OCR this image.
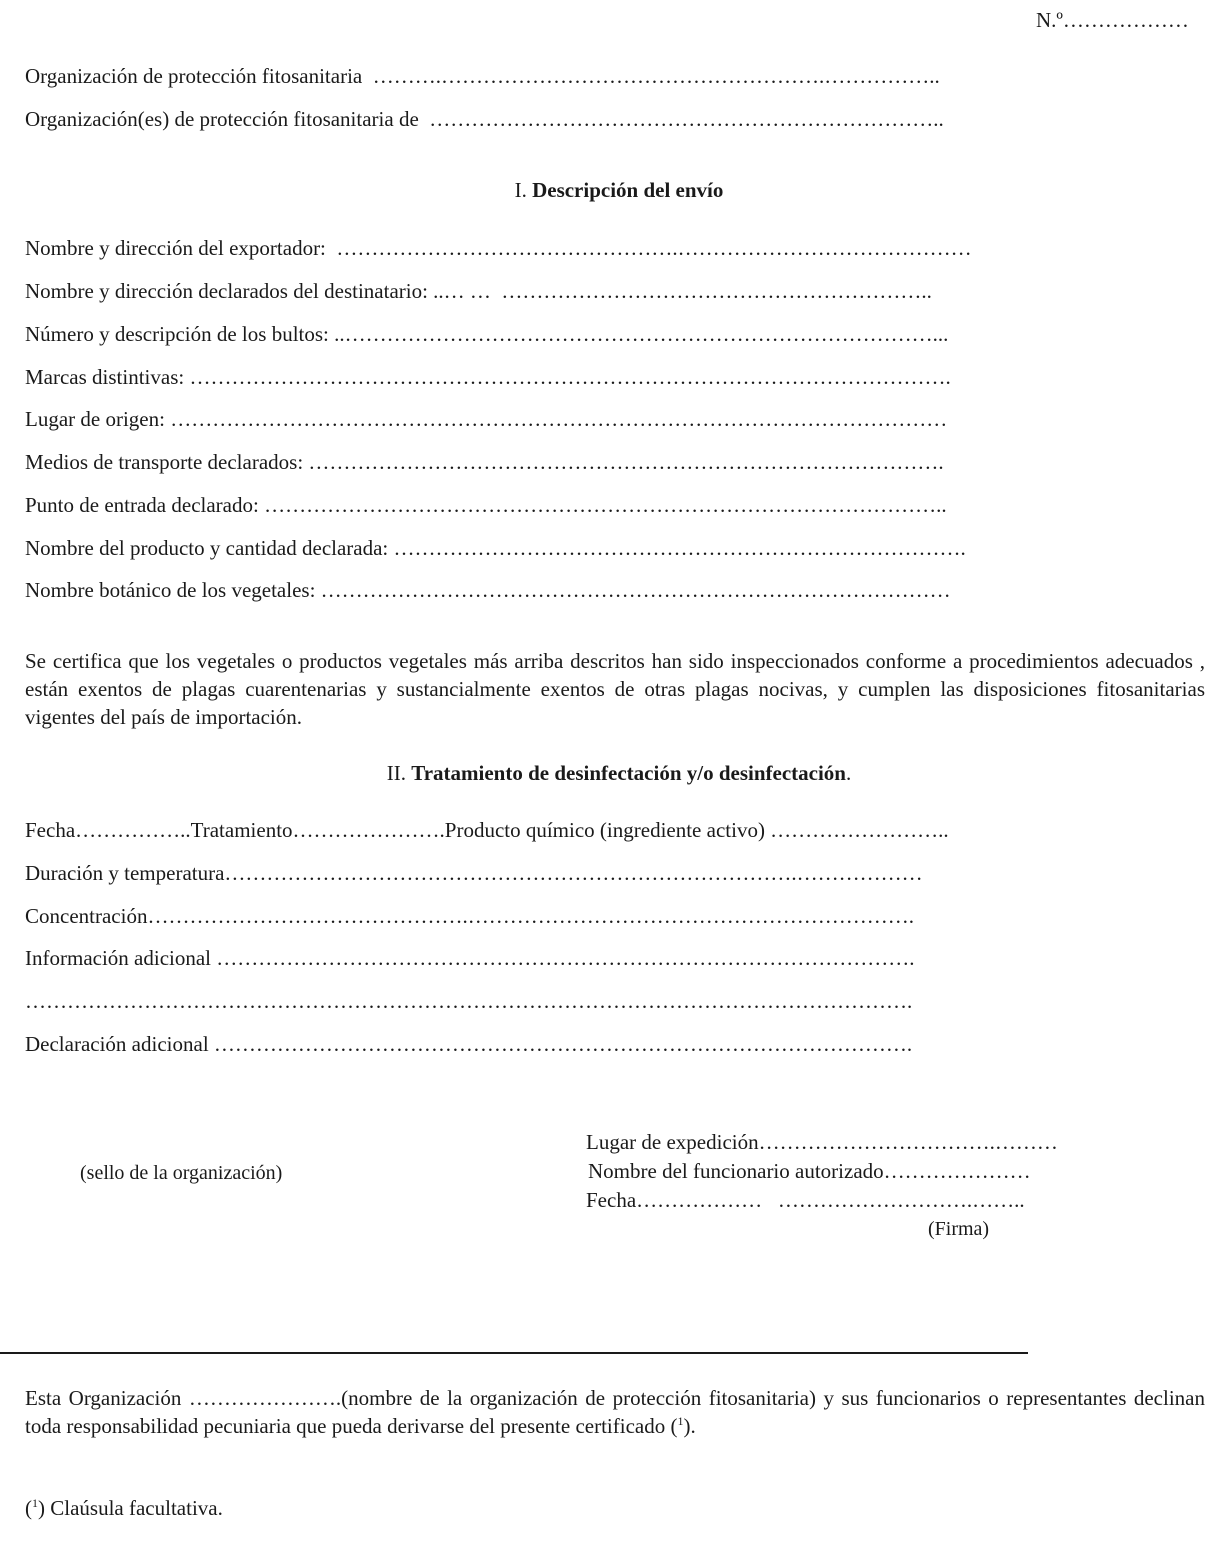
N.º………………
Organización de protección fitosanitaria  ……….……………………………………………….……………..
Organización(es) de protección fitosanitaria de  ………………………………………………………………..
I. Descripción del envío
Nombre y dirección del exportador:  ………………………………………….……………………………………
Nombre y dirección declarados del destinatario: ..… …  ……………………………………………………..
Número y descripción de los bultos: ..…………………………………………………………………………...
Marcas distintivas: ……………………………………………………………………………………………….
Lugar de origen: …………………………………………………………………………………………………
Medios de transporte declarados: ……………………………………………………………………………….
Punto de entrada declarado: ……………………………………………………………………………………..
Nombre del producto y cantidad declarada: ……………………………………………………………………….
Nombre botánico de los vegetales: ………………………………………………………………………………
Se certifica que los vegetales o productos vegetales más arriba descritos han sido inspeccionados conforme a procedimientos adecuados , están exentos de plagas cuarentenarias y sustancialmente exentos de otras plagas nocivas, y cumplen las disposiciones fitosanitarias vigentes del país de importación.
II. Tratamiento de desinfectación y/o desinfectación.
Fecha……………..Tratamiento………………….Producto químico (ingrediente activo) ……………………..
Duración y temperatura……………………………………………………………………….………………
Concentración……………………………………….……………………………………………………….
Información adicional ……………………………………………………………………………………….
……………………………………………………………………………………………………………….
Declaración adicional ……………………………………………………………………………………….
(sello de la organización)
Lugar de expedición…………………………….………
Nombre del funcionario autorizado…………………
Fecha………………   ……………………….……..
(Firma)
Esta Organización ………………….(nombre de la organización de protección fitosanitaria) y sus funcionarios o representantes declinan toda responsabilidad pecuniaria que pueda derivarse del presente certificado ($^1$).
($^1$) Claúsula facultativa.
